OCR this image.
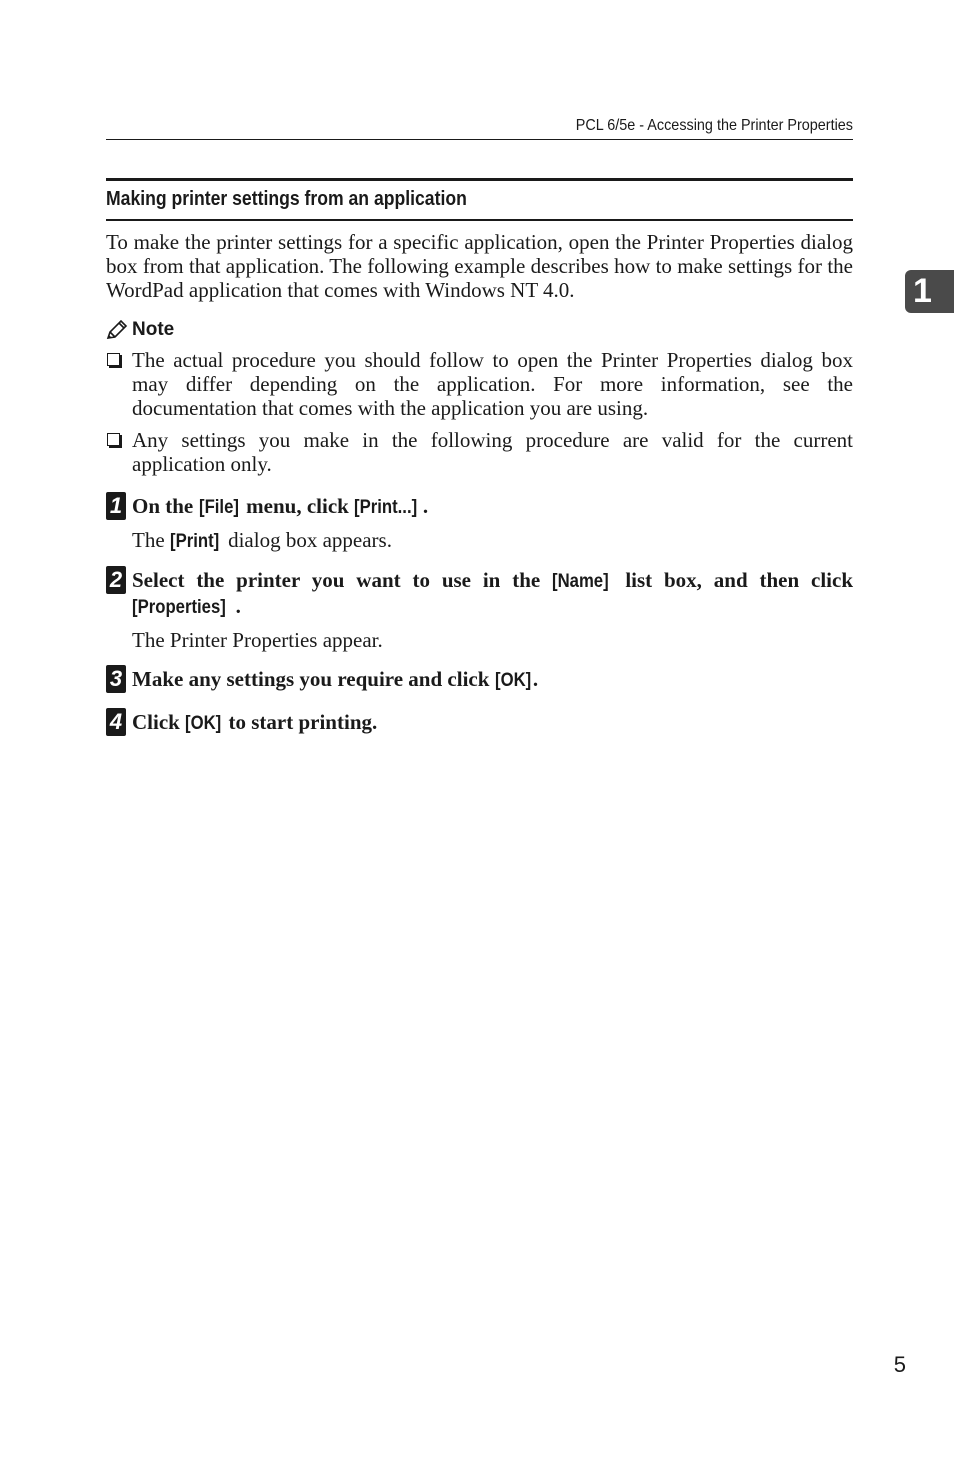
PCL 6/5e - Accessing the Printer Properties
Making printer settings from an application
1

To make the printer settings for a specific application, open the Printer Properties dialog box from that application. The following example describes how to make settings for the WordPad application that comes with Windows NT 4.0.

Note
The actual procedure you should follow to open the Printer Properties dialog box may differ depending on the application. For more information, see the documentation that comes with the application you are using.
Any settings you make in the following procedure are valid for the current application only.
1 On the [File] menu, click [Print...] .
The [Print] dialog box appears.
2 Select the printer you want to use in the [Name] list box, and then click [Properties] .
The Printer Properties appear.
3 Make any settings you require and click [OK].
4 Click [OK] to start printing.
5
